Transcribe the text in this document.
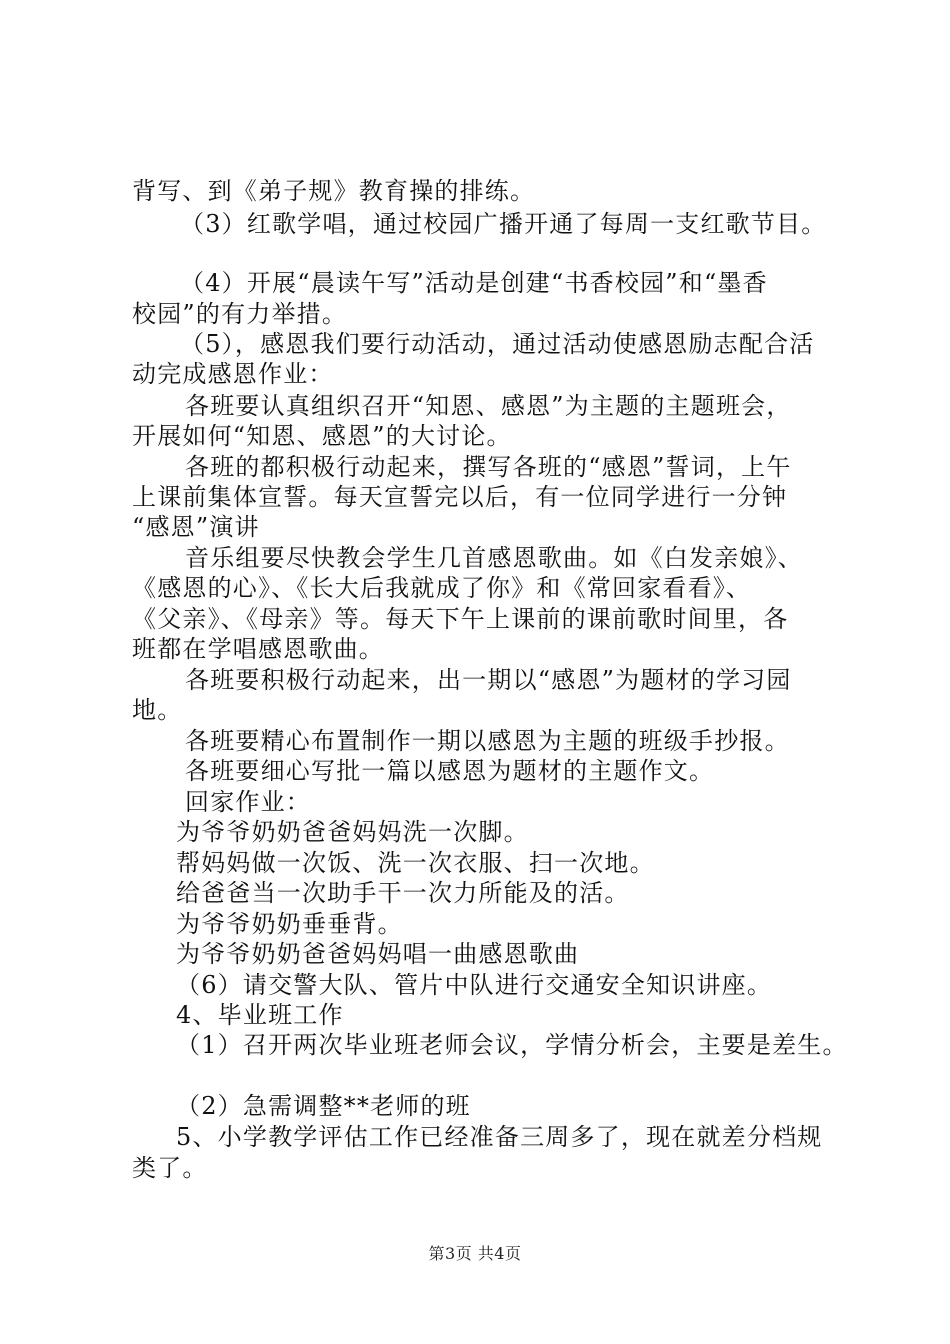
背写、到《弟子规》教育操的排练。
（3）红歌学唱，通过校园广播开通了每周一支红歌节目。
（4）开展“晨读午写”活动是创建“书香校园”和“墨香
校园”的有力举措。
（5），感恩我们要行动活动，通过活动使感恩励志配合活
动完成感恩作业：
各班要认真组织召开“知恩、感恩”为主题的主题班会，
开展如何“知恩、感恩”的大讨论。
各班的都积极行动起来，撰写各班的“感恩”誓词，上午
上课前集体宣誓。每天宣誓完以后，有一位同学进行一分钟
“感恩”演讲
音乐组要尽快教会学生几首感恩歌曲。如《白发亲娘》、
《感恩的心》、《长大后我就成了你》和《常回家看看》、
《父亲》、《母亲》等。每天下午上课前的课前歌时间里，各
班都在学唱感恩歌曲。
各班要积极行动起来，出一期以“感恩”为题材的学习园
地。
各班要精心布置制作一期以感恩为主题的班级手抄报。
各班要细心写批一篇以感恩为题材的主题作文。
回家作业：
为爷爷奶奶爸爸妈妈洗一次脚。
帮妈妈做一次饭、洗一次衣服、扫一次地。
给爸爸当一次助手干一次力所能及的活。
为爷爷奶奶垂垂背。
为爷爷奶奶爸爸妈妈唱一曲感恩歌曲
（6）请交警大队、管片中队进行交通安全知识讲座。
4、毕业班工作
（1）召开两次毕业班老师会议，学情分析会，主要是差生。
（2）急需调整**老师的班
5、小学教学评估工作已经准备三周多了，现在就差分档规
类了。
第3页 共4页
